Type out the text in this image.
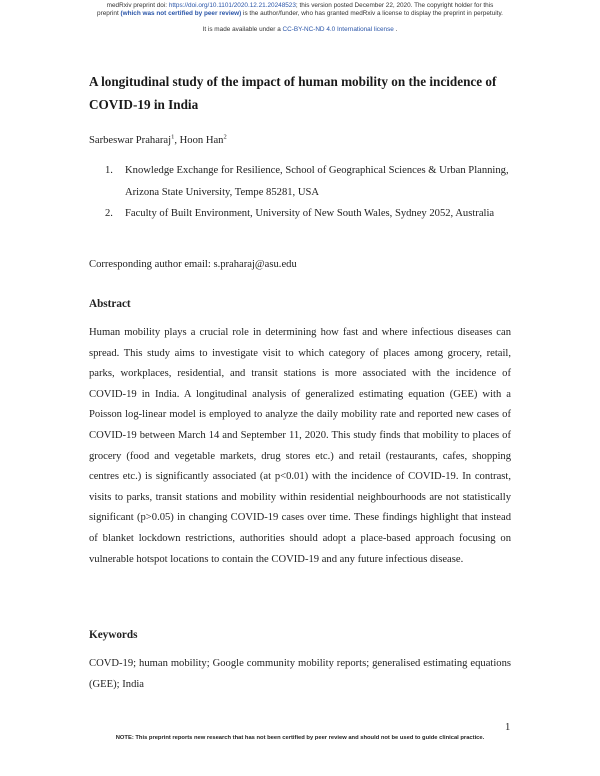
medRxiv preprint doi: https://doi.org/10.1101/2020.12.21.20248523; this version posted December 22, 2020. The copyright holder for this
preprint (which was not certified by peer review) is the author/funder, who has granted medRxiv a license to display the preprint in perpetuity.
It is made available under a CC-BY-NC-ND 4.0 International license .
A longitudinal study of the impact of human mobility on the incidence of COVID-19 in India
Sarbeswar Praharaj$^1$, Hoon Han$^2$
1. Knowledge Exchange for Resilience, School of Geographical Sciences & Urban Planning, Arizona State University, Tempe 85281, USA
2. Faculty of Built Environment, University of New South Wales, Sydney 2052, Australia
Corresponding author email: s.praharaj@asu.edu
Abstract

Human mobility plays a crucial role in determining how fast and where infectious diseases can spread. This study aims to investigate visit to which category of places among grocery, retail, parks, workplaces, residential, and transit stations is more associated with the incidence of COVID-19 in India. A longitudinal analysis of generalized estimating equation (GEE) with a Poisson log-linear model is employed to analyze the daily mobility rate and reported new cases of COVID-19 between March 14 and September 11, 2020. This study finds that mobility to places of grocery (food and vegetable markets, drug stores etc.) and retail (restaurants, cafes, shopping centres etc.) is significantly associated (at p<0.01) with the incidence of COVID-19. In contrast, visits to parks, transit stations and mobility within residential neighbourhoods are not statistically significant (p>0.05) in changing COVID-19 cases over time. These findings highlight that instead of blanket lockdown restrictions, authorities should adopt a place-based approach focusing on vulnerable hotspot locations to contain the COVID-19 and any future infectious disease.

Keywords

COVD-19; human mobility; Google community mobility reports; generalised estimating equations (GEE); India

1
NOTE: This preprint reports new research that has not been certified by peer review and should not be used to guide clinical practice.
